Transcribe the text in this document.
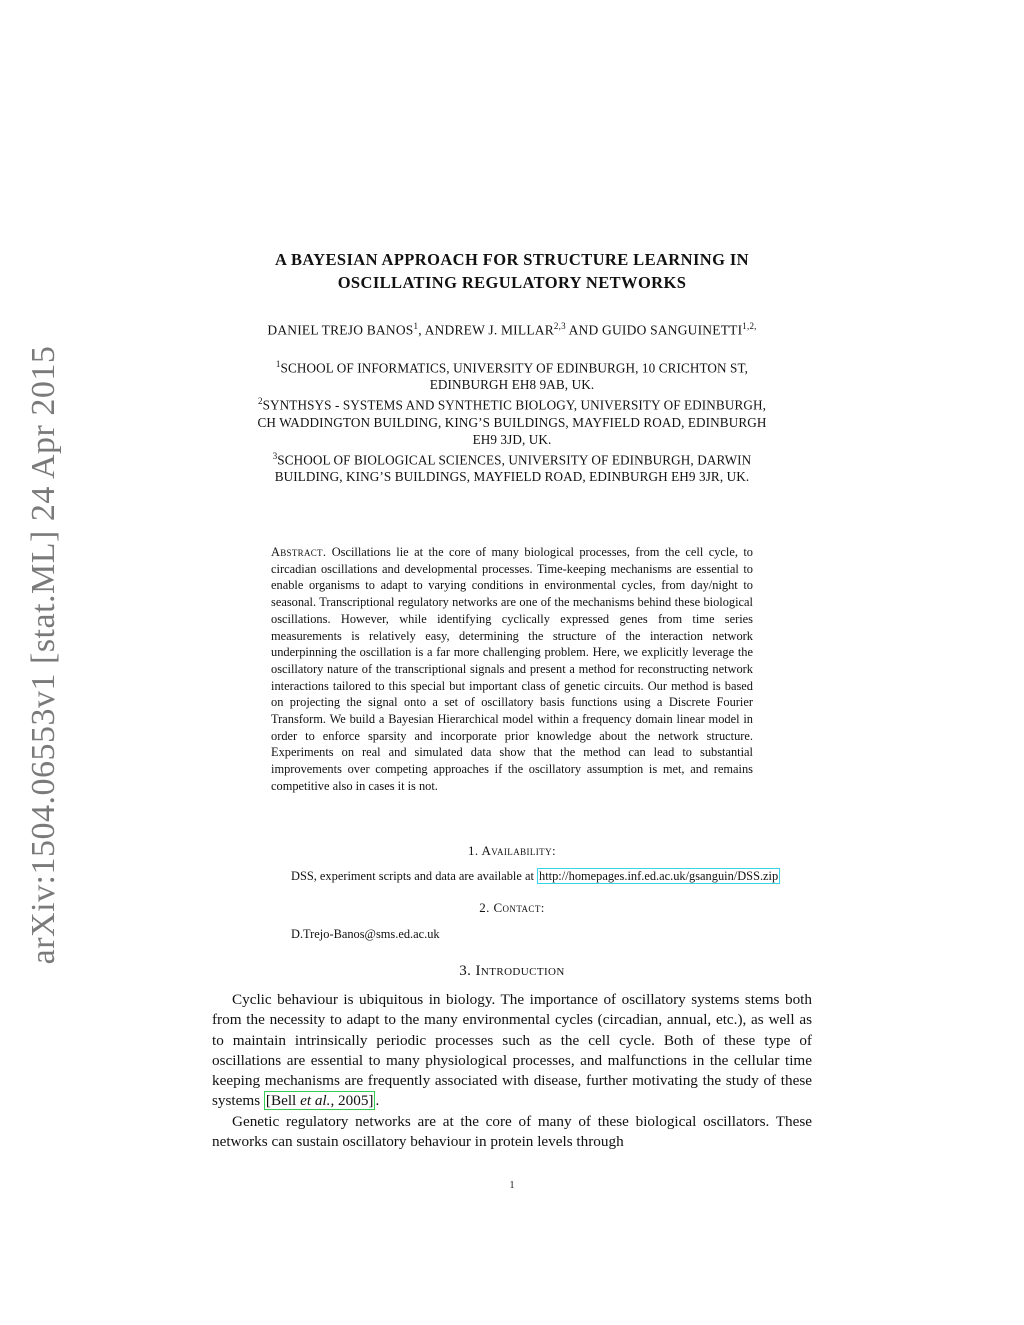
arXiv:1504.06553v1 [stat.ML] 24 Apr 2015
A BAYESIAN APPROACH FOR STRUCTURE LEARNING IN
OSCILLATING REGULATORY NETWORKS
DANIEL TREJO BANOS$^1$, ANDREW J. MILLAR$^{2,3}$ AND GUIDO $SANGUINETTI^{1,2,}$
$^1$SCHOOL OF INFORMATICS, UNIVERSITY OF EDINBURGH, 10 CRICHTON ST,
EDINBURGH EH8 9AB, UK.
$^2$SYNTHSYS - SYSTEMS AND SYNTHETIC BIOLOGY, UNIVERSITY OF EDINBURGH,
CH WADDINGTON BUILDING, KING’S BUILDINGS, MAYFIELD ROAD, EDINBURGH
EH9 3JD, UK.
$^3$SCHOOL OF BIOLOGICAL SCIENCES, UNIVERSITY OF EDINBURGH, DARWIN
BUILDING, KING’S BUILDINGS, MAYFIELD ROAD, EDINBURGH EH9 3JR, UK.
Abstract. Oscillations lie at the core of many biological processes, from the cell cycle, to circadian oscillations and developmental processes. Time-keeping mechanisms are essential to enable organisms to adapt to varying conditions in environmental cycles, from day/night to seasonal. Transcriptional regulatory networks are one of the mechanisms behind these biological oscillations. However, while identifying cyclically expressed genes from time series measurements is relatively easy, determining the structure of the interaction network underpinning the oscillation is a far more challenging problem. Here, we explicitly leverage the oscillatory nature of the transcriptional signals and present a method for reconstructing network interactions tailored to this special but important class of genetic circuits. Our method is based on projecting the signal onto a set of oscillatory basis functions using a Discrete Fourier Transform. We build a Bayesian Hierarchical model within a frequency domain linear model in order to enforce sparsity and incorporate prior knowledge about the network structure. Experiments on real and simulated data show that the method can lead to substantial improvements over competing approaches if the oscillatory assumption is met, and remains competitive also in cases it is not.
1. Availability:
DSS, experiment scripts and data are available at http://homepages.inf.ed.ac.uk/gsanguin/DSS.zip
2. Contact:
D.Trejo-Banos@sms.ed.ac.uk
3. Introduction

Cyclic behaviour is ubiquitous in biology. The importance of oscillatory systems stems both from the necessity to adapt to the many environmental cycles (circadian, annual, etc.), as well as to maintain intrinsically periodic processes such as the cell cycle. Both of these type of oscillations are essential to many physiological processes, and malfunctions in the cellular time keeping mechanisms are frequently associated with disease, further motivating the study of these systems [Bell et al., 2005] .

Genetic regulatory networks are at the core of many of these biological oscillators. These networks can sustain oscillatory behaviour in protein levels through

1
